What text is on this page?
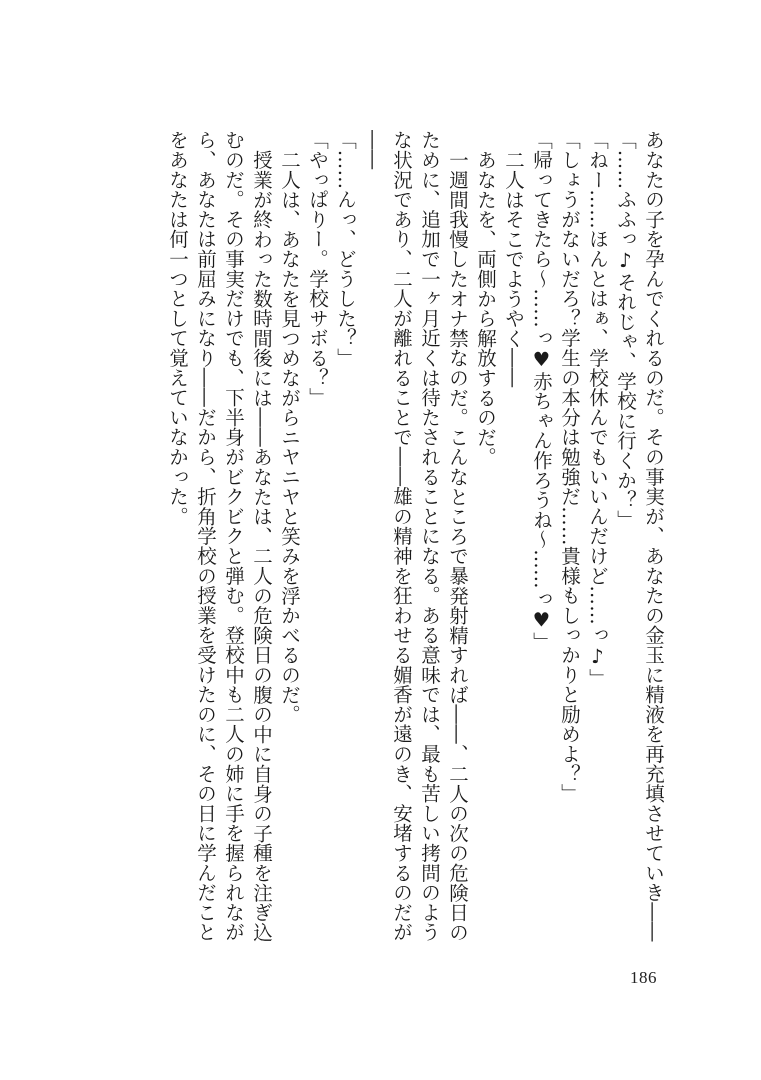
あなたの子を孕んでくれるのだ。その事実が、あなたの金玉に精液を再充填させていき――

「……ふふっ♪それじゃ、学校に行くか？」

「ねー……ほんとはぁ、学校休んでもいいんだけど……っ♪」

「しょうがないだろ？学生の本分は勉強だ……貴様もしっかりと励めよ？」

「帰ってきたら～……っ♥赤ちゃん作ろうね～……っ♥」

二人はそこでようやく――

あなたを、両側から解放するのだ。

一週間我慢したオナ禁なのだ。こんなところで暴発射精すれば――、二人の次の危険日のために、追加で一ヶ月近くは待たされることになる。ある意味では、最も苦しい拷問のような状況であり、二人が離れることで――雄の精神を狂わせる媚香が遠のき、安堵するのだが――

「……んっ、どうした？」

「やっぱりー。学校サボる？」

二人は、あなたを見つめながらニヤニヤと笑みを浮かべるのだ。

授業が終わった数時間後には――あなたは、二人の危険日の腹の中に自身の子種を注ぎ込むのだ。その事実だけでも、下半身がビクビクと弾む。登校中も二人の姉に手を握られながら、あなたは前屈みになり――だから、折角学校の授業を受けたのに、その日に学んだことをあなたは何一つとして覚えていなかった。

186
